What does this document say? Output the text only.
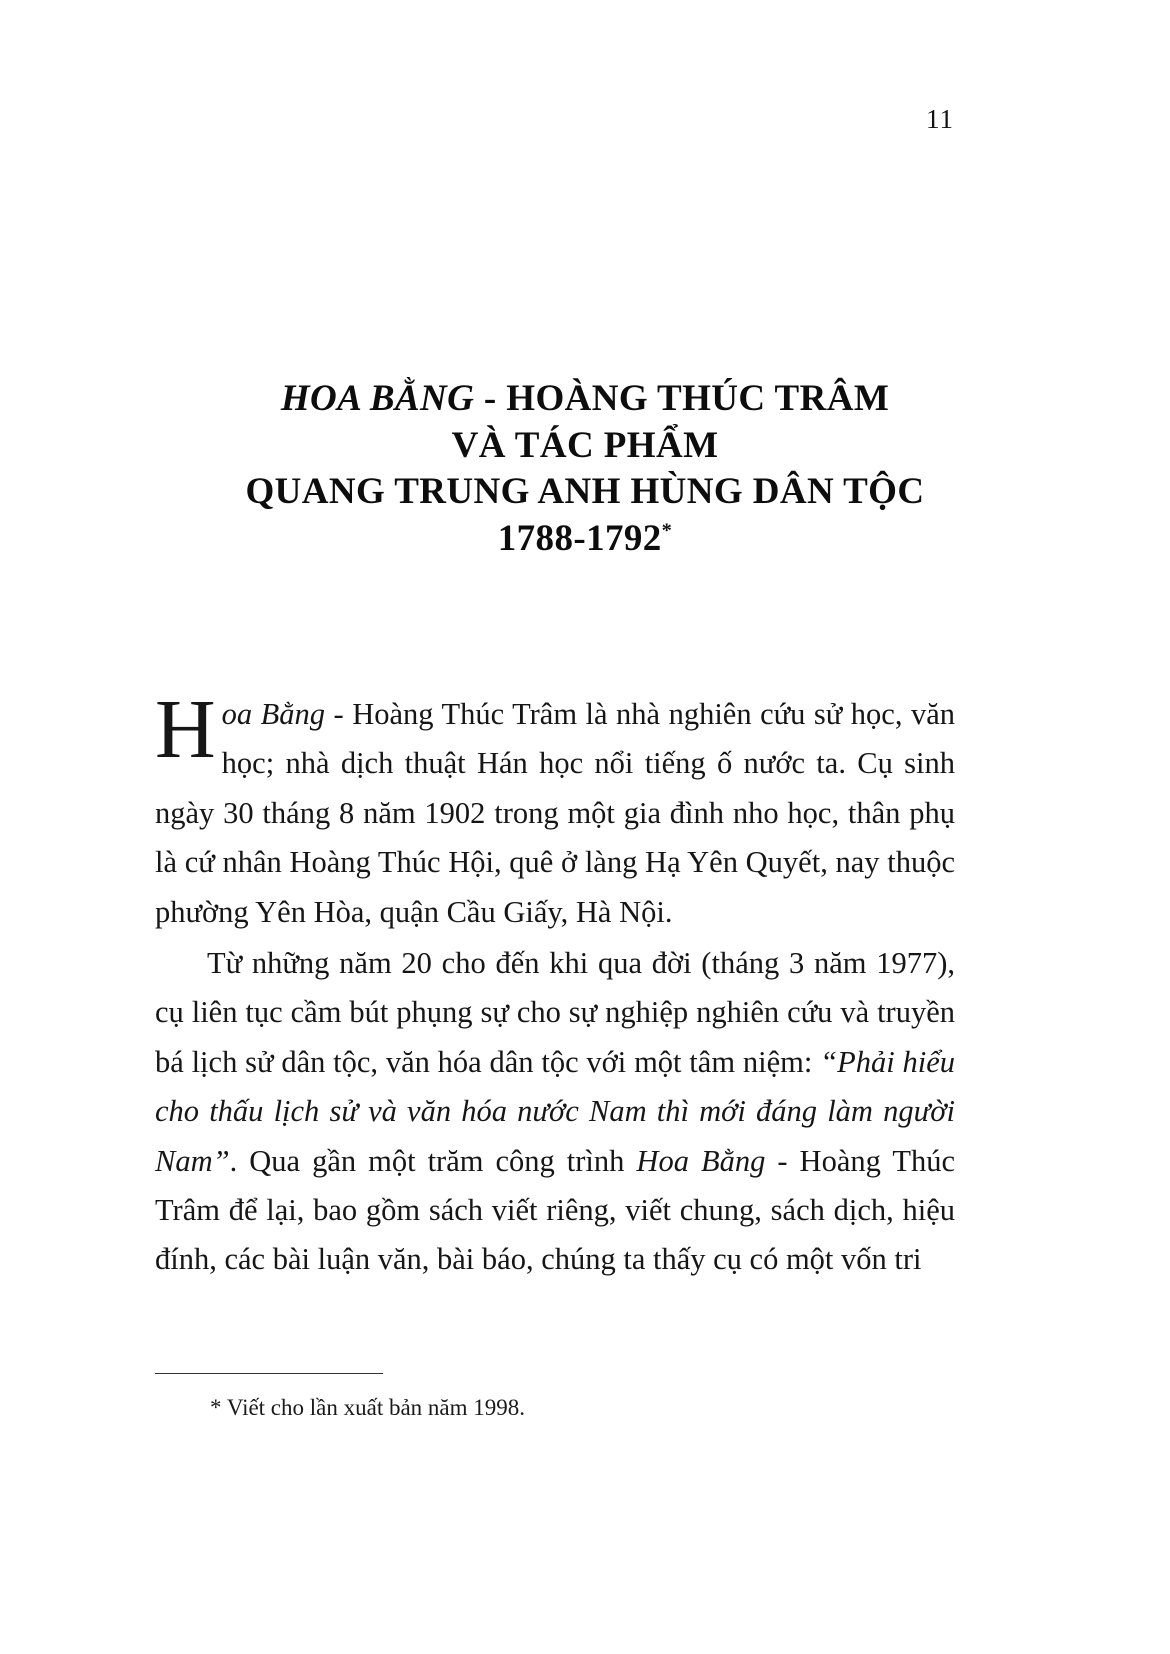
11
HOA BẰNG - HOÀNG THÚC TRÂM
VÀ TÁC PHẨM
QUANG TRUNG ANH HÙNG DÂN TỘC
1788-1792*

Hoa Bằng - Hoàng Thúc Trâm là nhà nghiên cứu sử học, văn học; nhà dịch thuật Hán học nổi tiếng ố nước ta. Cụ sinh ngày 30 tháng 8 năm 1902 trong một gia đình nho học, thân phụ là cứ nhân Hoàng Thúc Hội, quê ở làng Hạ Yên Quyết, nay thuộc phường Yên Hòa, quận Cầu Giấy, Hà Nội.

Từ những năm 20 cho đến khi qua đời (tháng 3 năm 1977), cụ liên tục cầm bút phụng sự cho sự nghiệp nghiên cứu và truyền bá lịch sử dân tộc, văn hóa dân tộc với một tâm niệm: “Phải hiểu cho thấu lịch sử và văn hóa nước Nam thì mới đáng làm người Nam”. Qua gần một trăm công trình Hoa Bằng - Hoàng Thúc Trâm để lại, bao gồm sách viết riêng, viết chung, sách dịch, hiệu đính, các bài luận văn, bài báo, chúng ta thấy cụ có một vốn tri

* Viết cho lần xuất bản năm 1998.
